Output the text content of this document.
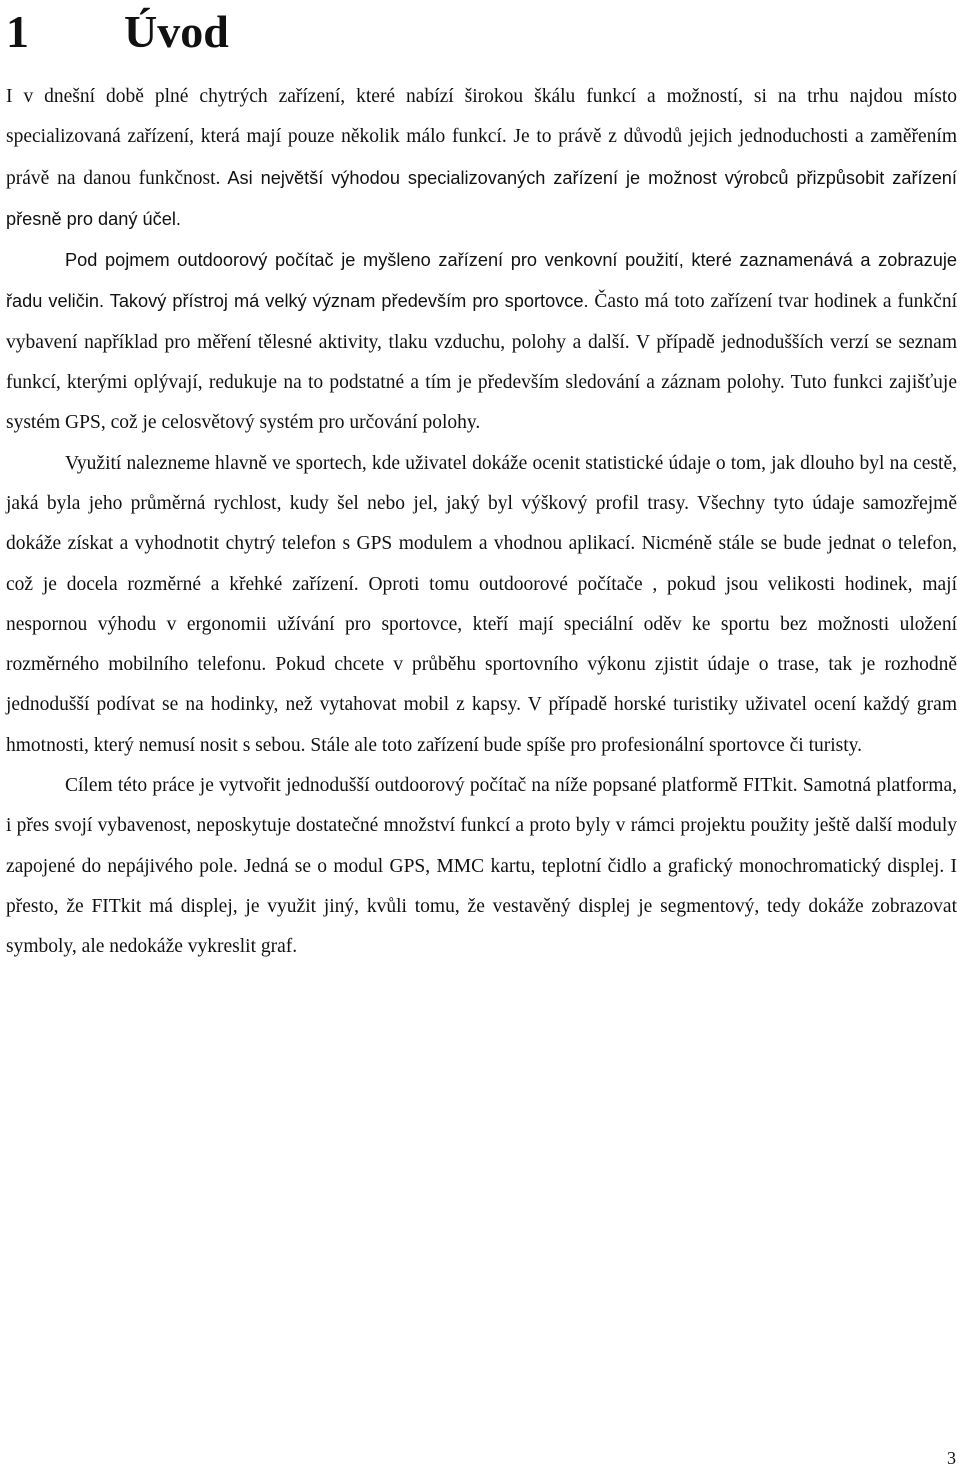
1 Úvod

I v dnešní době plné chytrých zařízení, které nabízí širokou škálu funkcí a možností, si na trhu najdou místo specializovaná zařízení, která mají pouze několik málo funkcí. Je to právě z důvodů jejich jednoduchosti a zaměřením právě na danou funkčnost. Asi největší výhodou specializovaných zařízení je možnost výrobců přizpůsobit zařízení přesně pro daný účel.

Pod pojmem outdoorový počítač je myšleno zařízení pro venkovní použití, které zaznamenává a zobrazuje řadu veličin. Takový přístroj má velký význam především pro sportovce. Často má toto zařízení tvar hodinek a funkční vybavení například pro měření tělesné aktivity, tlaku vzduchu, polohy a další. V případě jednodušších verzí se seznam funkcí, kterými oplývají, redukuje na to podstatné a tím je především sledování a záznam polohy. Tuto funkci zajišťuje systém GPS, což je celosvětový systém pro určování polohy.

Využití nalezneme hlavně ve sportech, kde uživatel dokáže ocenit statistické údaje o tom, jak dlouho byl na cestě, jaká byla jeho průměrná rychlost, kudy šel nebo jel, jaký byl výškový profil trasy. Všechny tyto údaje samozřejmě dokáže získat a vyhodnotit chytrý telefon s GPS modulem a vhodnou aplikací. Nicméně stále se bude jednat o telefon, což je docela rozměrné a křehké zařízení. Oproti tomu outdoorové počítače , pokud jsou velikosti hodinek, mají nespornou výhodu v ergonomii užívání pro sportovce, kteří mají speciální oděv ke sportu bez možnosti uložení rozměrného mobilního telefonu. Pokud chcete v průběhu sportovního výkonu zjistit údaje o trase, tak je rozhodně jednodušší podívat se na hodinky, než vytahovat mobil z kapsy. V případě horské turistiky uživatel ocení každý gram hmotnosti, který nemusí nosit s sebou. Stále ale toto zařízení bude spíše pro profesionální sportovce či turisty.

Cílem této práce je vytvořit jednodušší outdoorový počítač na níže popsané platformě FITkit. Samotná platforma, i přes svojí vybavenost, neposkytuje dostatečné množství funkcí a proto byly v rámci projektu použity ještě další moduly zapojené do nepájivého pole. Jedná se o modul GPS, MMC kartu, teplotní čidlo a grafický monochromatický displej. I přesto, že FITkit má displej, je využit jiný, kvůli tomu, že vestavěný displej je segmentový, tedy dokáže zobrazovat symboly, ale nedokáže vykreslit graf.

3
